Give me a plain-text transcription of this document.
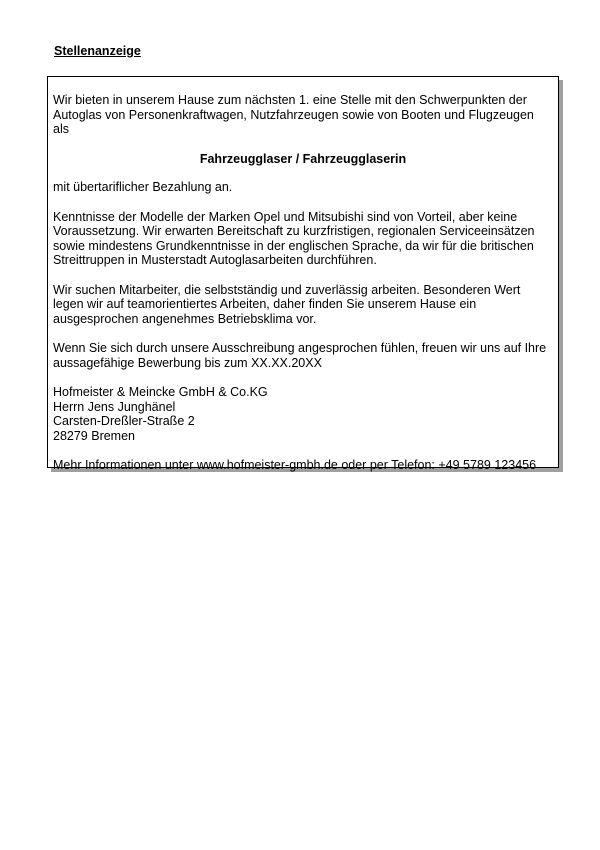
Stellenanzeige

Wir bieten in unserem Hause zum nächsten 1. eine Stelle mit den Schwerpunkten der Autoglas von Personenkraftwagen, Nutzfahrzeugen sowie von Booten und Flugzeugen als

Fahrzeugglaser / Fahrzeugglaserin

mit übertariflicher Bezahlung an.

Kenntnisse der Modelle der Marken Opel und Mitsubishi sind von Vorteil, aber keine Voraussetzung. Wir erwarten Bereitschaft zu kurzfristigen, regionalen Serviceeinsätzen sowie mindestens Grundkenntnisse in der englischen Sprache, da wir für die britischen Streittruppen in Musterstadt Autoglasarbeiten durchführen.

Wir suchen Mitarbeiter, die selbstständig und zuverlässig arbeiten. Besonderen Wert legen wir auf teamorientiertes Arbeiten, daher finden Sie unserem Hause ein ausgesprochen angenehmes Betriebsklima vor.

Wenn Sie sich durch unsere Ausschreibung angesprochen fühlen, freuen wir uns auf Ihre aussagefähige Bewerbung bis zum XX.XX.20XX

Hofmeister & Meincke GmbH & Co.KG
Herrn Jens Junghänel
Carsten-Dreßler-Straße 2
28279 Bremen

Mehr Informationen unter www.hofmeister-gmbh.de oder per Telefon: +49 5789 123456
